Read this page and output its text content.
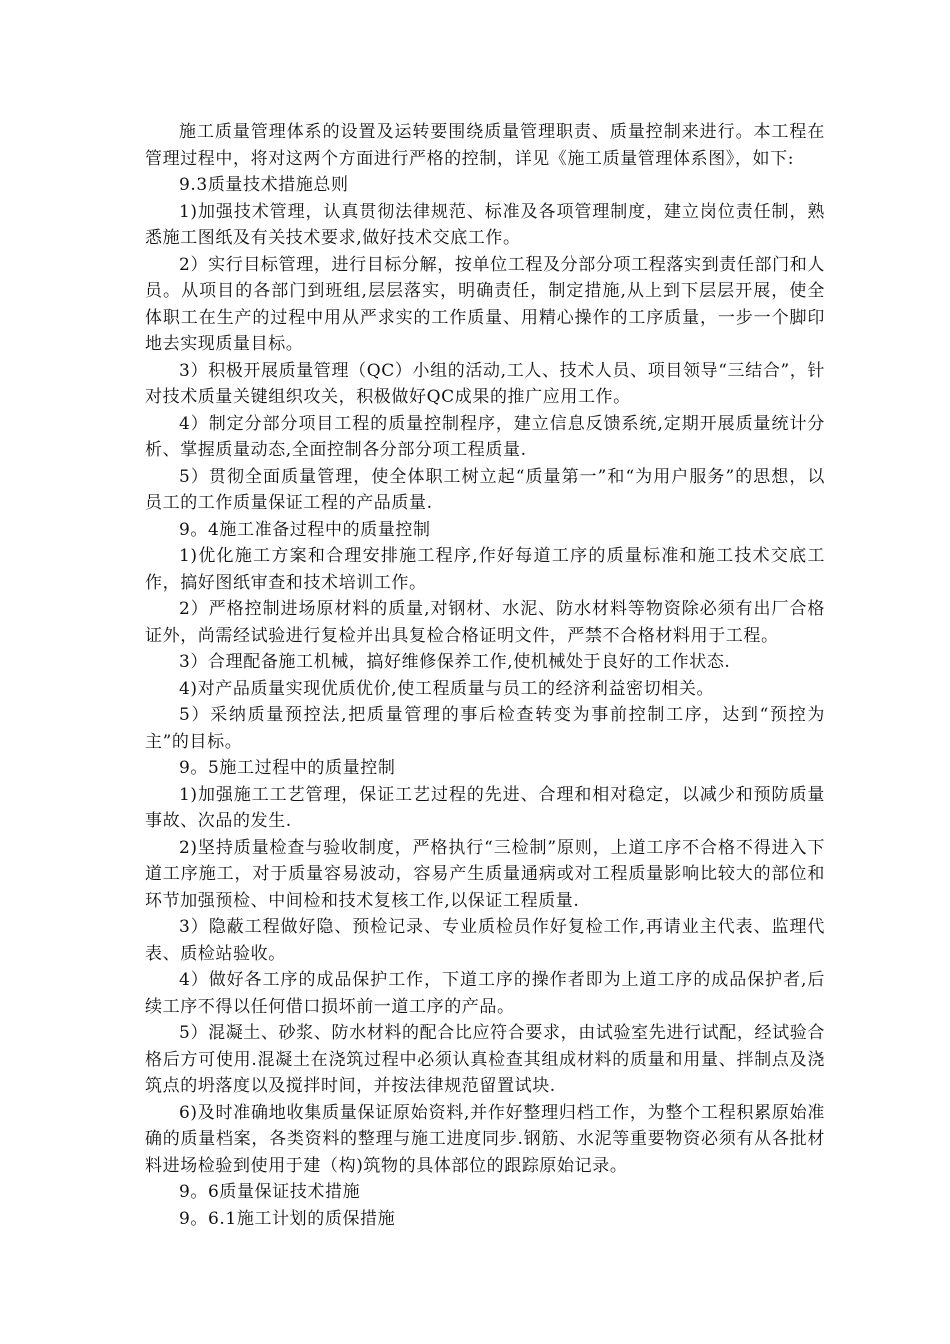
施工质量管理体系的设置及运转要围绕质量管理职责、质量控制来进行。本工程在管理过程中，将对这两个方面进行严格的控制，详见《施工质量管理体系图》，如下:

9.3质量技术措施总则

1)加强技术管理，认真贯彻法律规范、标准及各项管理制度，建立岗位责任制，熟悉施工图纸及有关技术要求,做好技术交底工作。

2）实行目标管理，进行目标分解，按单位工程及分部分项工程落实到责任部门和人员。从项目的各部门到班组,层层落实，明确责任，制定措施,从上到下层层开展，使全体职工在生产的过程中用从严求实的工作质量、用精心操作的工序质量，一步一个脚印地去实现质量目标。

3）积极开展质量管理（QC）小组的活动,工人、技术人员、项目领导“三结合”，针对技术质量关键组织攻关，积极做好QC成果的推广应用工作。

4）制定分部分项目工程的质量控制程序，建立信息反馈系统,定期开展质量统计分析、掌握质量动态,全面控制各分部分项工程质量.

5）贯彻全面质量管理，使全体职工树立起“质量第一”和“为用户服务”的思想，以员工的工作质量保证工程的产品质量.

9。4施工准备过程中的质量控制

1)优化施工方案和合理安排施工程序,作好每道工序的质量标准和施工技术交底工作，搞好图纸审查和技术培训工作。

2）严格控制进场原材料的质量,对钢材、水泥、防水材料等物资除必须有出厂合格证外，尚需经试验进行复检并出具复检合格证明文件，严禁不合格材料用于工程。

3）合理配备施工机械，搞好维修保养工作,使机械处于良好的工作状态.

4)对产品质量实现优质优价,使工程质量与员工的经济利益密切相关。

5）采纳质量预控法,把质量管理的事后检查转变为事前控制工序，达到“预控为主”的目标。

9。5施工过程中的质量控制

1)加强施工工艺管理，保证工艺过程的先进、合理和相对稳定，以减少和预防质量事故、次品的发生.

2)坚持质量检查与验收制度，严格执行“三检制”原则，上道工序不合格不得进入下道工序施工，对于质量容易波动，容易产生质量通病或对工程质量影响比较大的部位和环节加强预检、中间检和技术复核工作,以保证工程质量.

3）隐蔽工程做好隐、预检记录、专业质检员作好复检工作,再请业主代表、监理代表、质检站验收。

4）做好各工序的成品保护工作，下道工序的操作者即为上道工序的成品保护者,后续工序不得以任何借口损坏前一道工序的产品。

5）混凝土、砂浆、防水材料的配合比应符合要求，由试验室先进行试配，经试验合格后方可使用.混凝土在浇筑过程中必须认真检查其组成材料的质量和用量、拌制点及浇筑点的坍落度以及搅拌时间，并按法律规范留置试块.

6)及时准确地收集质量保证原始资料,并作好整理归档工作，为整个工程积累原始准确的质量档案，各类资料的整理与施工进度同步.钢筋、水泥等重要物资必须有从各批材料进场检验到使用于建（构)筑物的具体部位的跟踪原始记录。

9。6质量保证技术措施

9。6.1施工计划的质保措施
